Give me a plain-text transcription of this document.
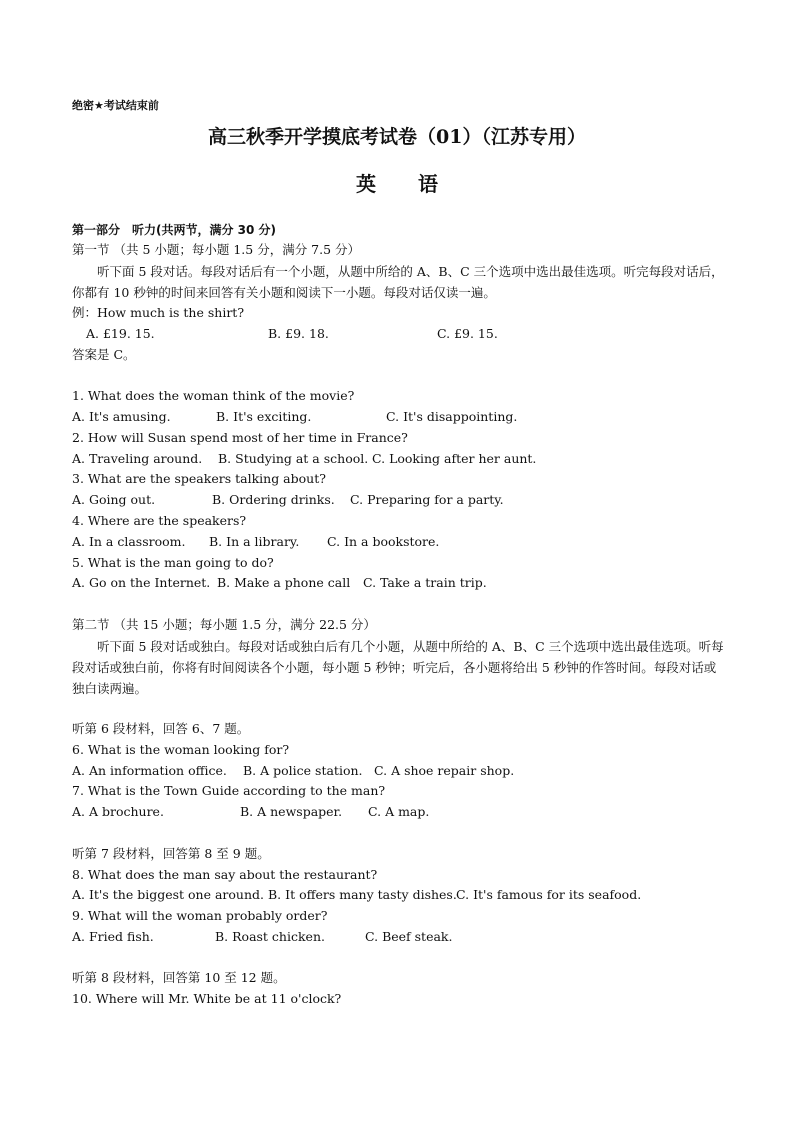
绝密★考试结束前
高三秋季开学摸底考试卷（01）（江苏专用）
英 语
第一部分　听力(共两节，满分 30 分)
第一节 （共 5 小题；每小题 1.5 分，满分 7.5 分）
听下面 5 段对话。每段对话后有一个小题，从题中所给的 A、B、C 三个选项中选出最佳选项。听完每段对话后，你都有 10 秒钟的时间来回答有关小题和阅读下一小题。每段对话仅读一遍。
例：How much is the shirt?
A. £19. 15.	B. £9. 18.	C. £9. 15.
答案是 C。
1. What does the woman think of the movie?
A. It's amusing.	B. It's exciting.	C. It's disappointing.
2. How will Susan spend most of her time in France?
A. Traveling around. B. Studying at a school. C. Looking after her aunt.
3. What are the speakers talking about?
A. Going out.	B. Ordering drinks. C. Preparing for a party.
4. Where are the speakers?
A. In a classroom. B. In a library. C. In a bookstore.
5. What is the man going to do?
A. Go on the Internet. B. Make a phone call C. Take a train trip.
第二节 （共 15 小题；每小题 1.5 分，满分 22.5 分）
听下面 5 段对话或独白。每段对话或独白后有几个小题，从题中所给的 A、B、C 三个选项中选出最佳选项。听每段对话或独白前，你将有时间阅读各个小题，每小题 5 秒钟；听完后，各小题将给出 5 秒钟的作答时间。每段对话或独白读两遍。
听第 6 段材料，回答 6、7 题。
6. What is the woman looking for?
A. An information office. B. A police station. C. A shoe repair shop.
7. What is the Town Guide according to the man?
A. A brochure.	B. A newspaper. C. A map.
听第 7 段材料，回答第 8 至 9 题。
8. What does the man say about the restaurant?
A. It's the biggest one around. B. It offers many tasty dishes. C. It's famous for its seafood.
9. What will the woman probably order?
A. Fried fish.	B. Roast chicken.	C. Beef steak.
听第 8 段材料，回答第 10 至 12 题。
10. Where will Mr. White be at 11 o'clock?
